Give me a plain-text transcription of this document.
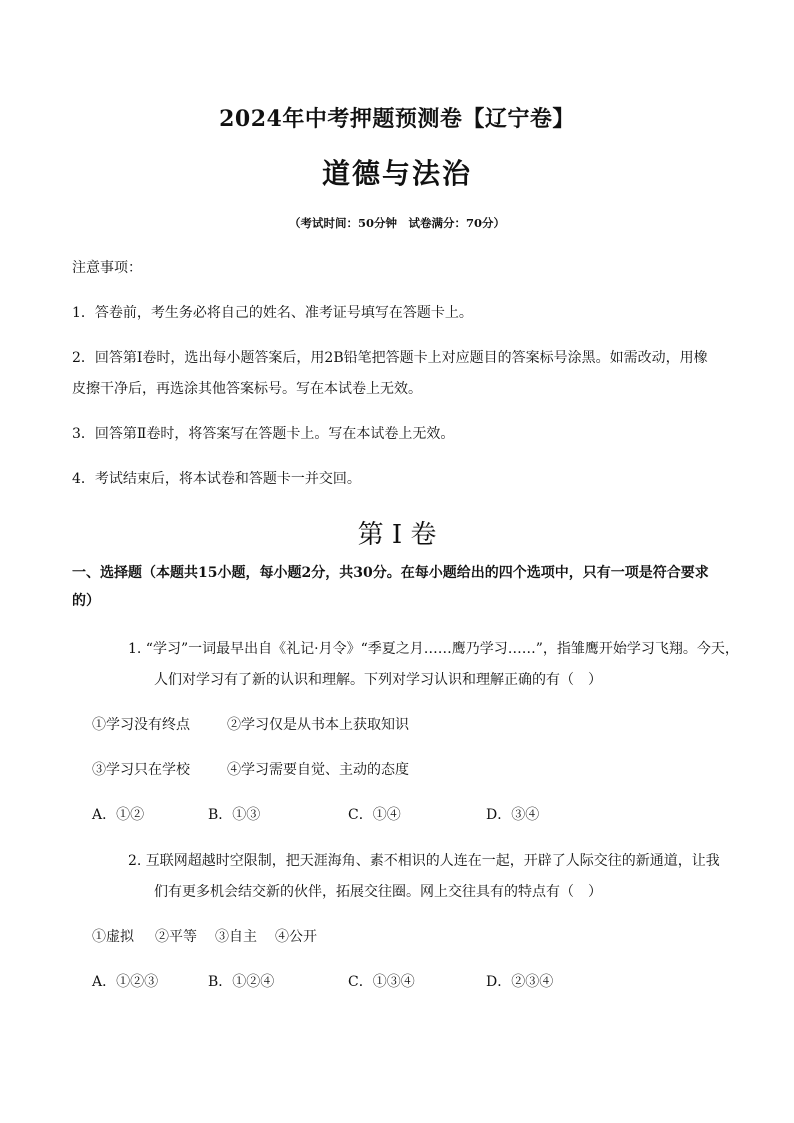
2024年中考押题预测卷【辽宁卷】
道德与法治
（考试时间：50分钟　试卷满分：70分）
注意事项：
1．答卷前，考生务必将自己的姓名、准考证号填写在答题卡上。
2．回答第Ⅰ卷时，选出每小题答案后，用2B铅笔把答题卡上对应题目的答案标号涂黑。如需改动，用橡
皮擦干净后，再选涂其他答案标号。写在本试卷上无效。
3．回答第Ⅱ卷时，将答案写在答题卡上。写在本试卷上无效。
4．考试结束后，将本试卷和答题卡一并交回。
第 I 卷
一、选择题（本题共15小题，每小题2分，共30分。在每小题给出的四个选项中，只有一项是符合要求
的）
1. “学习”一词最早出自《礼记·月令》“季夏之月……鹰乃学习……”，指雏鹰开始学习飞翔。今天，
人们对学习有了新的认识和理解。下列对学习认识和理解正确的有（　）
①学习没有终点	②学习仅是从书本上获取知识
③学习只在学校	④学习需要自觉、主动的态度
A．①②	B．①③	C．①④	D．③④
2. 互联网超越时空限制，把天涯海角、素不相识的人连在一起，开辟了人际交往的新通道，让我
们有更多机会结交新的伙伴，拓展交往圈。网上交往具有的特点有（　）
①虚拟 ②平等 ③自主 ④公开
A．①②③	B．①②④	C．①③④	D．②③④
